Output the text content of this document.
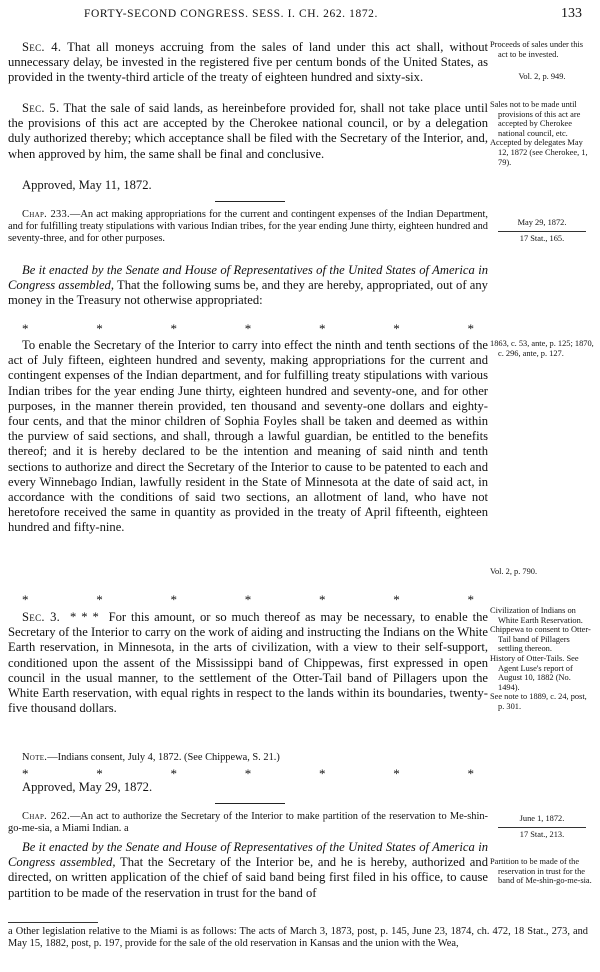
FORTY-SECOND CONGRESS. SESS. I. CH. 262. 1872.	133

Sec. 4. That all moneys accruing from the sales of land under this act shall, without unnecessary delay, be invested in the registered five per centum bonds of the United States, as provided in the twenty-third article of the treaty of eighteen hundred and sixty-six.

Sec. 5. That the sale of said lands, as hereinbefore provided for, shall not take place until the provisions of this act are accepted by the Cherokee national council, or by a delegation duly authorized thereby; which acceptance shall be filed with the Secretary of the Interior, and, when approved by him, the same shall be final and conclusive.

Approved, May 11, 1872.

Chap. 233.—An act making appropriations for the current and contingent expenses of the Indian Department, and for fulfilling treaty stipulations with various Indian tribes, for the year ending June thirty, eighteen hundred and seventy-three, and for other purposes.

Be it enacted by the Senate and House of Representatives of the United States of America in Congress assembled, That the following sums be, and they are hereby, appropriated, out of any money in the Treasury not otherwise appropriated:

*	*	*	*	*	*	*

To enable the Secretary of the Interior to carry into effect the ninth and tenth sections of the act of July fifteen, eighteen hundred and seventy, making appropriations for the current and contingent expenses of the Indian department, and for fulfilling treaty stipulations with various Indian tribes for the year ending June thirty, eighteen hundred and seventy-one, and for other purposes, in the manner therein provided, ten thousand and seventy-one dollars and eighty-four cents, and that the minor children of Sophia Foyles shall be taken and deemed as within the purview of said sections, and shall, through a lawful guardian, be entitled to the benefits thereof; and it is hereby declared to be the intention and meaning of said ninth and tenth sections to authorize and direct the Secretary of the Interior to cause to be patented to each and every Winnebago Indian, lawfully resident in the State of Minnesota at the date of said act, in accordance with the conditions of said two sections, an allotment of land, who have not heretofore received the same in quantity as provided in the treaty of April fifteenth, eighteen hundred and fifty-nine.

*	*	*	*	*	*	*

Sec. 3. * * * For this amount, or so much thereof as may be necessary, to enable the Secretary of the Interior to carry on the work of aiding and instructing the Indians on the White Earth reservation, in Minnesota, in the arts of civilization, with a view to their self-support, conditioned upon the assent of the Mississippi band of Chippewas, first expressed in open council in the usual manner, to the settlement of the Otter-Tail band of Pillagers upon the White Earth reservation, with equal rights in respect to the lands within its boundaries, twenty-five thousand dollars.

Note.—Indians consent, July 4, 1872. (See Chippewa, S. 21.)

*	*	*	*	*	*	*

Approved, May 29, 1872.

Chap. 262.—An act to authorize the Secretary of the Interior to make partition of the reservation to Me-shin-go-me-sia, a Miami Indian. a

Be it enacted by the Senate and House of Representatives of the United States of America in Congress assembled, That the Secretary of the Interior be, and he is hereby, authorized and directed, on written application of the chief of said band being first filed in his office, to cause partition to be made of the reservation in trust for the band of

a Other legislation relative to the Miami is as follows: The acts of March 3, 1873, post, p. 145, June 23, 1874, ch. 472, 18 Stat., 273, and May 15, 1882, post, p. 197, provide for the sale of the old reservation in Kansas and the union with the Wea,

Proceeds of sales under this act to be invested.

Vol. 2, p. 949.

Sales not to be made until provisions of this act are accepted by Cherokee national council, etc.

Accepted by delegates May 12, 1872 (see Cherokee, 1, 79).

May 29, 1872.

17 Stat., 165.

1863, c. 53, ante, p. 125; 1870, c. 296, ante, p. 127.

Vol. 2, p. 790.

Civilization of Indians on White Earth Reservation.

Chippewa to consent to Otter-Tail band of Pillagers settling thereon.

History of Otter-Tails. See Agent Luse's report of August 10, 1882 (No. 1494).

See note to 1889, c. 24, post, p. 301.

June 1, 1872.

17 Stat., 213.

Partition to be made of the reservation in trust for the band of Me-shin-go-me-sia.
